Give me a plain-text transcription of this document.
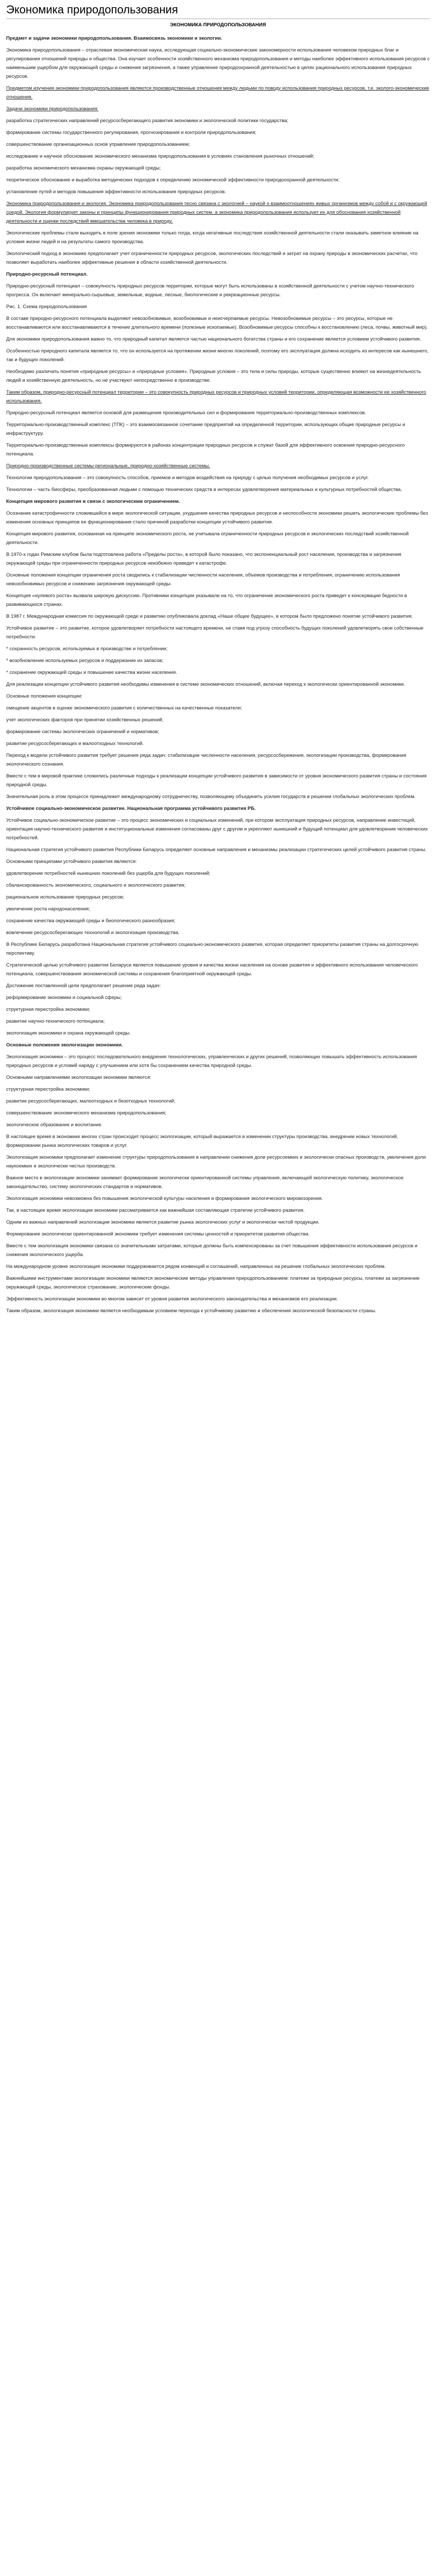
Экономика природопользования
ЭКОНОМИКА ПРИРОДОПОЛЬЗОВАНИЯ

Предмет и задачи экономики природопользования. Взаимосвязь экономики и экологии.

Экономика природопользования – отраслевая экономическая наука, исследующая социально-экономические закономерности использования человеком природных благ и регулирования отношений природы и общества. Она изучает особенности хозяйственного механизма природопользования и методы наиболее эффективного использования ресурсов с наименьшим ущербом для окружающей среды и снижения загрязнения, а также управление природоохранной деятельностью в целях рационального использования природных ресурсов.

Предметом изучения экономики природопользования являются производственные отношения между людьми по поводу использования природных ресурсов, т.е. эколого-экономические отношения.

Задачи экономики природопользования:

разработка стратегических направлений ресурсосберегающего развития экономики и экологической политики государства;

формирование системы государственного регулирования, прогнозирования и контроля природопользования;

совершенствование организационных основ управления природопользованием;

исследование и научное обоснование экономического механизма природопользования в условиях становления рыночных отношений;

разработка экономического механизма охраны окружающей среды;

теоретическое обоснование и выработка методических подходов к определению экономической эффективности природоохранной деятельности;

установление путей и методов повышения эффективности использования природных ресурсов.

Экономика природопользования и экология. Экономика природопользования тесно связана с экологией – наукой о взаимоотношениях живых организмов между собой и с окружающей средой. Экология формулирует законы и принципы функционирования природных систем, а экономика природопользования использует их для обоснования хозяйственной деятельности и оценки последствий вмешательства человека в природу.

Экологические проблемы стали выходить в поле зрения экономики только тогда, когда негативные последствия хозяйственной деятельности стали оказывать заметное влияние на условия жизни людей и на результаты самого производства.

Экологический подход в экономике предполагает учет ограниченности природных ресурсов, экологических последствий и затрат на охрану природы в экономических расчетах, что позволяет выработать наиболее эффективные решения в области хозяйственной деятельности.

Природно-ресурсный потенциал.

Природно-ресурсный потенциал – совокупность природных ресурсов территории, которые могут быть использованы в хозяйственной деятельности с учетом научно-технического прогресса. Он включает минерально-сырьевые, земельные, водные, лесные, биологические и рекреационные ресурсы.

Рис. 1. Схема природопользования

В составе природно-ресурсного потенциала выделяют невозобновимые, возобновимые и неисчерпаемые ресурсы. Невозобновимые ресурсы – это ресурсы, которые не восстанавливаются или восстанавливаются в течение длительного времени (полезные ископаемые). Возобновимые ресурсы способны к восстановлению (леса, почвы, животный мир).

Для экономики природопользования важно то, что природный капитал является частью национального богатства страны и его сохранение является условием устойчивого развития.

Особенностью природного капитала является то, что он используется на протяжении жизни многих поколений, поэтому его эксплуатация должна исходить из интересов как нынешнего, так и будущих поколений.

Необходимо различать понятия «природные ресурсы» и «природные условия». Природные условия – это тела и силы природы, которые существенно влияют на жизнедеятельность людей и хозяйственную деятельность, но не участвуют непосредственно в производстве.

Таким образом, природно-ресурсный потенциал территории – это совокупность природных ресурсов и природных условий территории, определяющая возможности ее хозяйственного использования.

Природно-ресурсный потенциал является основой для размещения производительных сил и формирования территориально-производственных комплексов.

Территориально-производственный комплекс (ТПК) – это взаимосвязанное сочетание предприятий на определенной территории, использующих общие природные ресурсы и инфраструктуру.

Территориально-производственные комплексы формируются в районах концентрации природных ресурсов и служат базой для эффективного освоения природно-ресурсного потенциала.

Природно-производственные системы региональные, природно-хозяйственные системы.

Технологии природопользования – это совокупность способов, приемов и методов воздействия на природу с целью получения необходимых ресурсов и услуг.

Технологии – часть биосферы, преобразованная людьми с помощью технических средств в интересах удовлетворения материальных и культурных потребностей общества.

Концепция мирового развития в связи с экологическим ограничением.

Осознание катастрофичности сложившейся в мире экологической ситуации, ухудшения качества природных ресурсов и неспособности экономики решить экологические проблемы без изменения основных принципов ее функционирования стало причиной разработки концепции устойчивого развития.

Концепция мирового развития, основанная на принципе экономического роста, не учитывала ограниченности природных ресурсов и экологических последствий хозяйственной деятельности.

В 1970-х годах Римским клубом была подготовлена работа «Пределы роста», в которой было показано, что экспоненциальный рост населения, производства и загрязнения окружающей среды при ограниченности природных ресурсов неизбежно приведет к катастрофе.

Основные положения концепции ограничения роста сводились к стабилизации численности населения, объемов производства и потребления, ограничению использования невозобновимых ресурсов и снижению загрязнения окружающей среды.

Концепция «нулевого роста» вызвала широкую дискуссию. Противники концепции указывали на то, что ограничение экономического роста приведет к консервации бедности в развивающихся странах.

В 1987 г. Международная комиссия по окружающей среде и развитию опубликовала доклад «Наше общее будущее», в котором было предложено понятие устойчивого развития.

Устойчивое развитие – это развитие, которое удовлетворяет потребности настоящего времени, не ставя под угрозу способность будущих поколений удовлетворять свои собственные потребности.

* сохранность ресурсов, используемых в производстве и потреблении;

* возобновление используемых ресурсов и поддержание их запасов;

* сохранение окружающей среды и повышение качества жизни населения.

Для реализации концепции устойчивого развития необходимы изменения в системе экономических отношений, включая переход к экологически ориентированной экономике.

Основные положения концепции:

смещение акцентов в оценке экономического развития с количественных на качественные показатели;

учет экологических факторов при принятии хозяйственных решений;

формирование системы экологических ограничений и нормативов;

развитие ресурсосберегающих и малоотходных технологий.

Переход к модели устойчивого развития требует решения ряда задач: стабилизации численности населения, ресурсосбережения, экологизации производства, формирования экологического сознания.

Вместе с тем в мировой практике сложились различные подходы к реализации концепции устойчивого развития в зависимости от уровня экономического развития страны и состояния природной среды.

Значительная роль в этом процессе принадлежит международному сотрудничеству, позволяющему объединить усилия государств в решении глобальных экологических проблем.

Устойчивое социально-экономическое развитие. Национальная программа устойчивого развития РБ.

Устойчивое социально-экономическое развитие – это процесс экономических и социальных изменений, при котором эксплуатация природных ресурсов, направление инвестиций, ориентация научно-технического развития и институциональные изменения согласованы друг с другом и укрепляют нынешний и будущий потенциал для удовлетворения человеческих потребностей.

Национальная стратегия устойчивого развития Республики Беларусь определяет основные направления и механизмы реализации стратегических целей устойчивого развития страны.

Основными принципами устойчивого развития являются:

удовлетворение потребностей нынешних поколений без ущерба для будущих поколений;

сбалансированность экономического, социального и экологического развития;

рациональное использование природных ресурсов;

увеличение роста народонаселения;

сохранение качества окружающей среды и биологического разнообразия;

вовлечение ресурсосберегающих технологий и экологизация производства.

В Республике Беларусь разработана Национальная стратегия устойчивого социально-экономического развития, которая определяет приоритеты развития страны на долгосрочную перспективу.

Стратегической целью устойчивого развития Беларуси является повышение уровня и качества жизни населения на основе развития и эффективного использования человеческого потенциала, совершенствования экономической системы и сохранения благоприятной окружающей среды.

Достижение поставленной цели предполагает решение ряда задач:

реформирование экономики и социальной сферы;

структурная перестройка экономики;

развитие научно-технического потенциала;

экологизация экономики и охрана окружающей среды.

Основные положения экологизации экономики.

Экологизация экономики – это процесс последовательного внедрения технологических, управленческих и других решений, позволяющих повышать эффективность использования природных ресурсов и условий наряду с улучшением или хотя бы сохранением качества природной среды.

Основными направлениями экологизации экономики являются:

структурная перестройка экономики;

развитие ресурсосберегающих, малоотходных и безотходных технологий;

совершенствование экономического механизма природопользования;

экологическое образование и воспитание.

В настоящее время в экономике многих стран происходит процесс экологизации, который выражается в изменении структуры производства, внедрении новых технологий, формировании рынка экологических товаров и услуг.

Экологизация экономики предполагает изменение структуры природопользования в направлении снижения доли ресурсоемких и экологически опасных производств, увеличения доли наукоемких и экологически чистых производств.

Важное место в экологизации экономики занимает формирование экологически ориентированной системы управления, включающей экологическую политику, экологическое законодательство, систему экологических стандартов и нормативов.

Экологизация экономики невозможна без повышения экологической культуры населения и формирования экологического мировоззрения.

Так, в настоящее время экологизация экономики рассматривается как важнейшая составляющая стратегии устойчивого развития.

Одним из важных направлений экологизации экономики является развитие рынка экологических услуг и экологически чистой продукции.

Формирование экологически ориентированной экономики требует изменения системы ценностей и приоритетов развития общества.

Вместе с тем экологизация экономики связана со значительными затратами, которые должны быть компенсированы за счет повышения эффективности использования ресурсов и снижения экологического ущерба.

На международном уровне экологизация экономики поддерживается рядом конвенций и соглашений, направленных на решение глобальных экологических проблем.

Важнейшими инструментами экологизации экономики являются экономические методы управления природопользованием: платежи за природные ресурсы, платежи за загрязнение окружающей среды, экологическое страхование, экологические фонды.

Эффективность экологизации экономики во многом зависит от уровня развития экологического законодательства и механизмов его реализации.

Таким образом, экологизация экономики является необходимым условием перехода к устойчивому развитию и обеспечения экологической безопасности страны.
